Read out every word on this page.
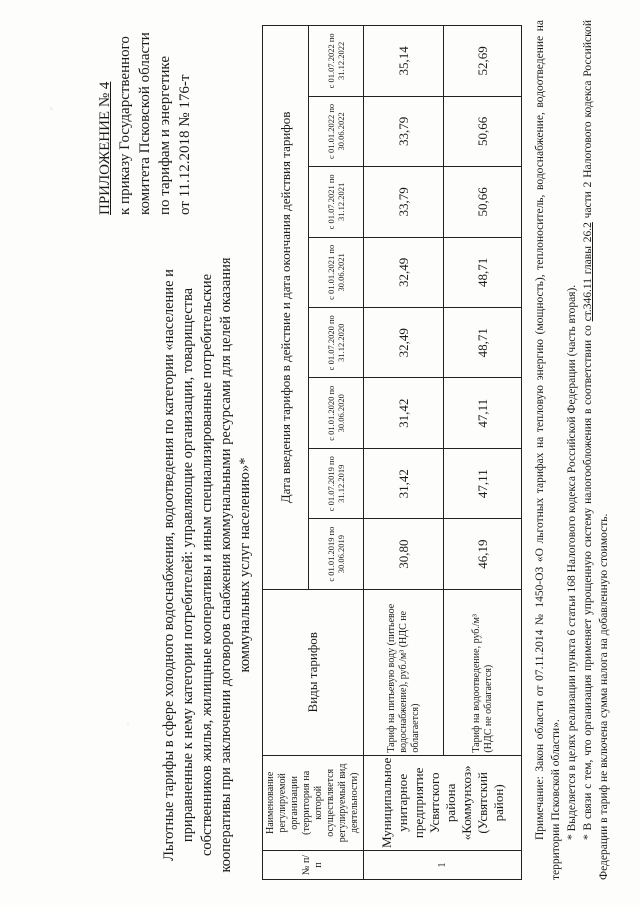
ПРИЛОЖЕНИЕ № 4 к приказу Государственного комитета Псковской области по тарифам и энергетике от 11.12.2018 № 176-т
Льготные тарифы в сфере холодного водоснабжения, водоотведения по категории «население и приравненные к нему категории потребителей: управляющие организации, товарищества собственников жилья, жилищные кооперативы и иным специализированные потребительские кооперативы при заключении договоров снабжения коммунальными ресурсами для целей оказания коммунальных услуг населению»*
№ п/п	Наименование регулируемой организации (территория на которой осуществляется регулируемый вид деятельности)	Виды тарифов	Дата введения тарифов в действие и дата окончания действия тарифов							
			с 01.01.2019 по 30.06.2019	с 01.07.2019 по 31.12.2019	с 01.01.2020 по 30.06.2020	с 01.07.2020 по 31.12.2020	с 01.01.2021 по 30.06.2021	с 01.07.2021 по 31.12.2021	с 01.01.2022 по 30.06.2022	с 01.07.2022 по 31.12.2022
1	Муниципальное унитарное предприятие Усвятского района «Коммунхоз» (Усвятский район)	Тариф на питьевую воду (питьевое водоснабжение), руб./м³ (НДС не облагается)	30,80	31,42	31,42	32,49	32,49	33,79	33,79	35,14
		Тариф на водоотведение, руб./м³ (НДС не облагается)	46,19	47,11	47,11	48,71	48,71	50,66	50,66	52,69	Примечание: Закон области от 07.11.2014 № 1450-ОЗ «О льготных тарифах на тепловую энергию (мощность), теплоноситель, водоснабжение, водоотведение на территории Псковской области». * Выделяется в целях реализации пункта 6 статьи 168 Налогового кодекса Российской Федерации (часть вторая). * В связи с тем, что организация применяет упрощенную систему налогообложения в соответствии со ст.346.11 главы 26.2 части 2 Налогового кодекса Российской Федерации в тариф не включена сумма налога на добавленную стоимость.
